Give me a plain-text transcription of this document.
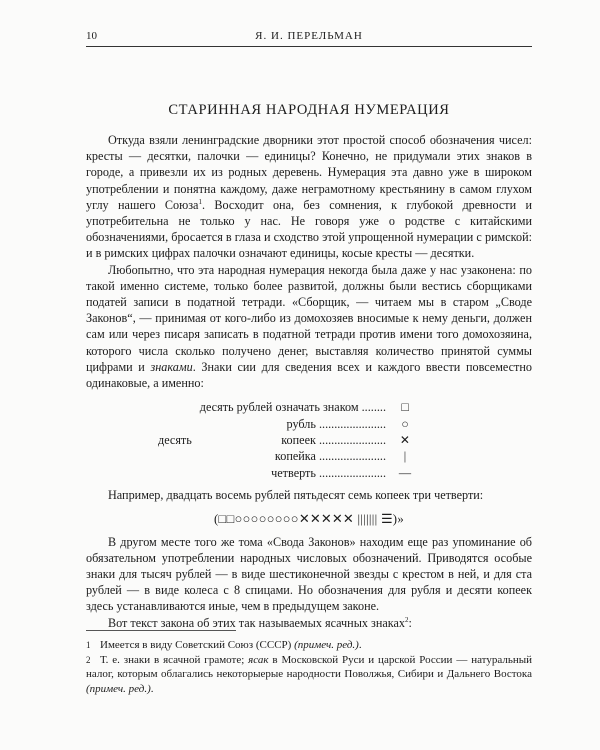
10	Я. И. ПЕРЕЛЬМАН
СТАРИННАЯ НАРОДНАЯ НУМЕРАЦИЯ

Откуда взяли ленинградские дворники этот простой способ обозначения чисел: кресты — десятки, палочки — единицы? Конечно, не придумали этих знаков в городе, а привезли их из родных деревень. Нумерация эта давно уже в широком употреблении и понятна каждому, даже неграмотному крестьянину в самом глухом углу нашего Союза$^1$. Восходит она, без сомнения, к глубокой древности и употребительна не только у нас. Не говоря уже о родстве с китайскими обозначениями, бросается в глаза и сходство этой упрощенной нумерации с римской: и в римских цифрах палочки означают единицы, косые кресты — десятки.

Любопытно, что эта народная нумерация некогда была даже у нас узаконена: по такой именно системе, только более развитой, должны были вестись сборщиками податей записи в податной тетради. «Сборщик, — читаем мы в старом „Своде Законов“, — принимая от кого-либо из домохозяев вносимые к нему деньги, должен сам или через писаря записать в податной тетради против имени того домохозяина, которого числа сколько получено денег, выставляя количество принятой суммы цифрами и знаками. Знаки сии для сведения всех и каждого ввести повсеместно одинаковые, а именно:

десять рублей означать знаком ........ □
рубль ...................... ○
десять	копеек ...................... ✕
копейка ......................	|
четверть ...................... —

Например, двадцать восемь рублей пятьдесят семь копеек три четверти:

(□□○○○○○○○○✕✕✕✕✕ ||||||| ☰)»

В другом месте того же тома «Свода Законов» находим еще раз упоминание об обязательном употреблении народных числовых обозначений. Приводятся особые знаки для тысяч рублей — в виде шестиконечной звезды с крестом в ней, и для ста рублей — в виде колеса с 8 спицами. Но обозначения для рубля и десяти копеек здесь устанавливаются иные, чем в предыдущем законе.

Вот текст закона об этих так называемых ясачных знаках$^2$:

1 Имеется в виду Советский Союз (СССР) (примеч. ред.).

2 Т. е. знаки в ясачной грамоте; ясак в Московской Руси и царской России — натуральный налог, которым облагались некоторыерые народности Поволжья, Сибири и Дальнего Востока (примеч. ред.).
